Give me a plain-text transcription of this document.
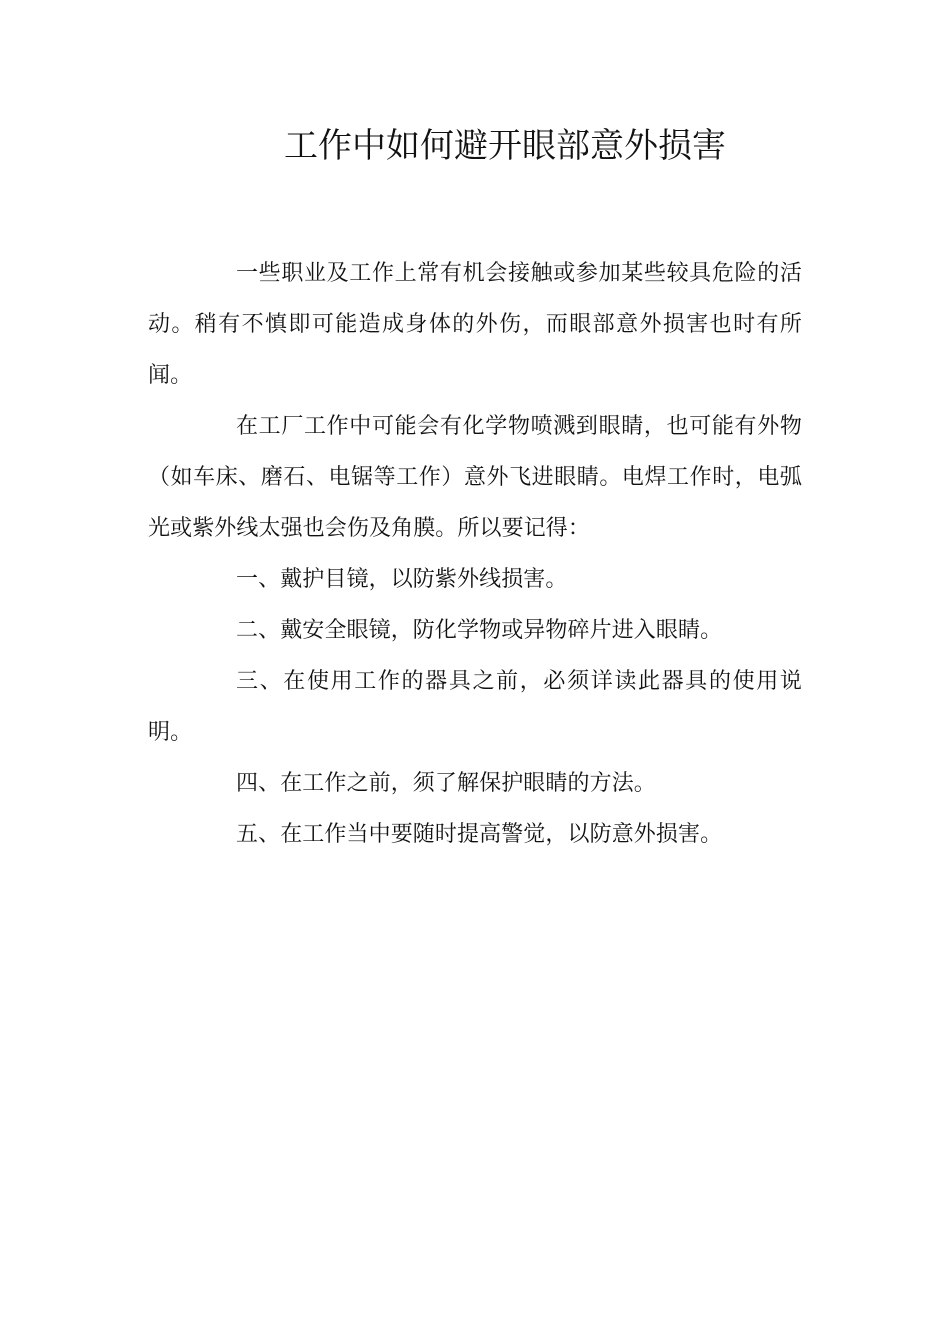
工作中如何避开眼部意外损害

一些职业及工作上常有机会接触或参加某些较具危险的活动。稍有不慎即可能造成身体的外伤，而眼部意外损害也时有所闻。

在工厂工作中可能会有化学物喷溅到眼睛，也可能有外物（如车床、磨石、电锯等工作）意外飞进眼睛。电焊工作时，电弧光或紫外线太强也会伤及角膜。所以要记得：

一、戴护目镜，以防紫外线损害。

二、戴安全眼镜，防化学物或异物碎片进入眼睛。

三、在使用工作的器具之前，必须详读此器具的使用说明。

四、在工作之前，须了解保护眼睛的方法。

五、在工作当中要随时提高警觉，以防意外损害。
